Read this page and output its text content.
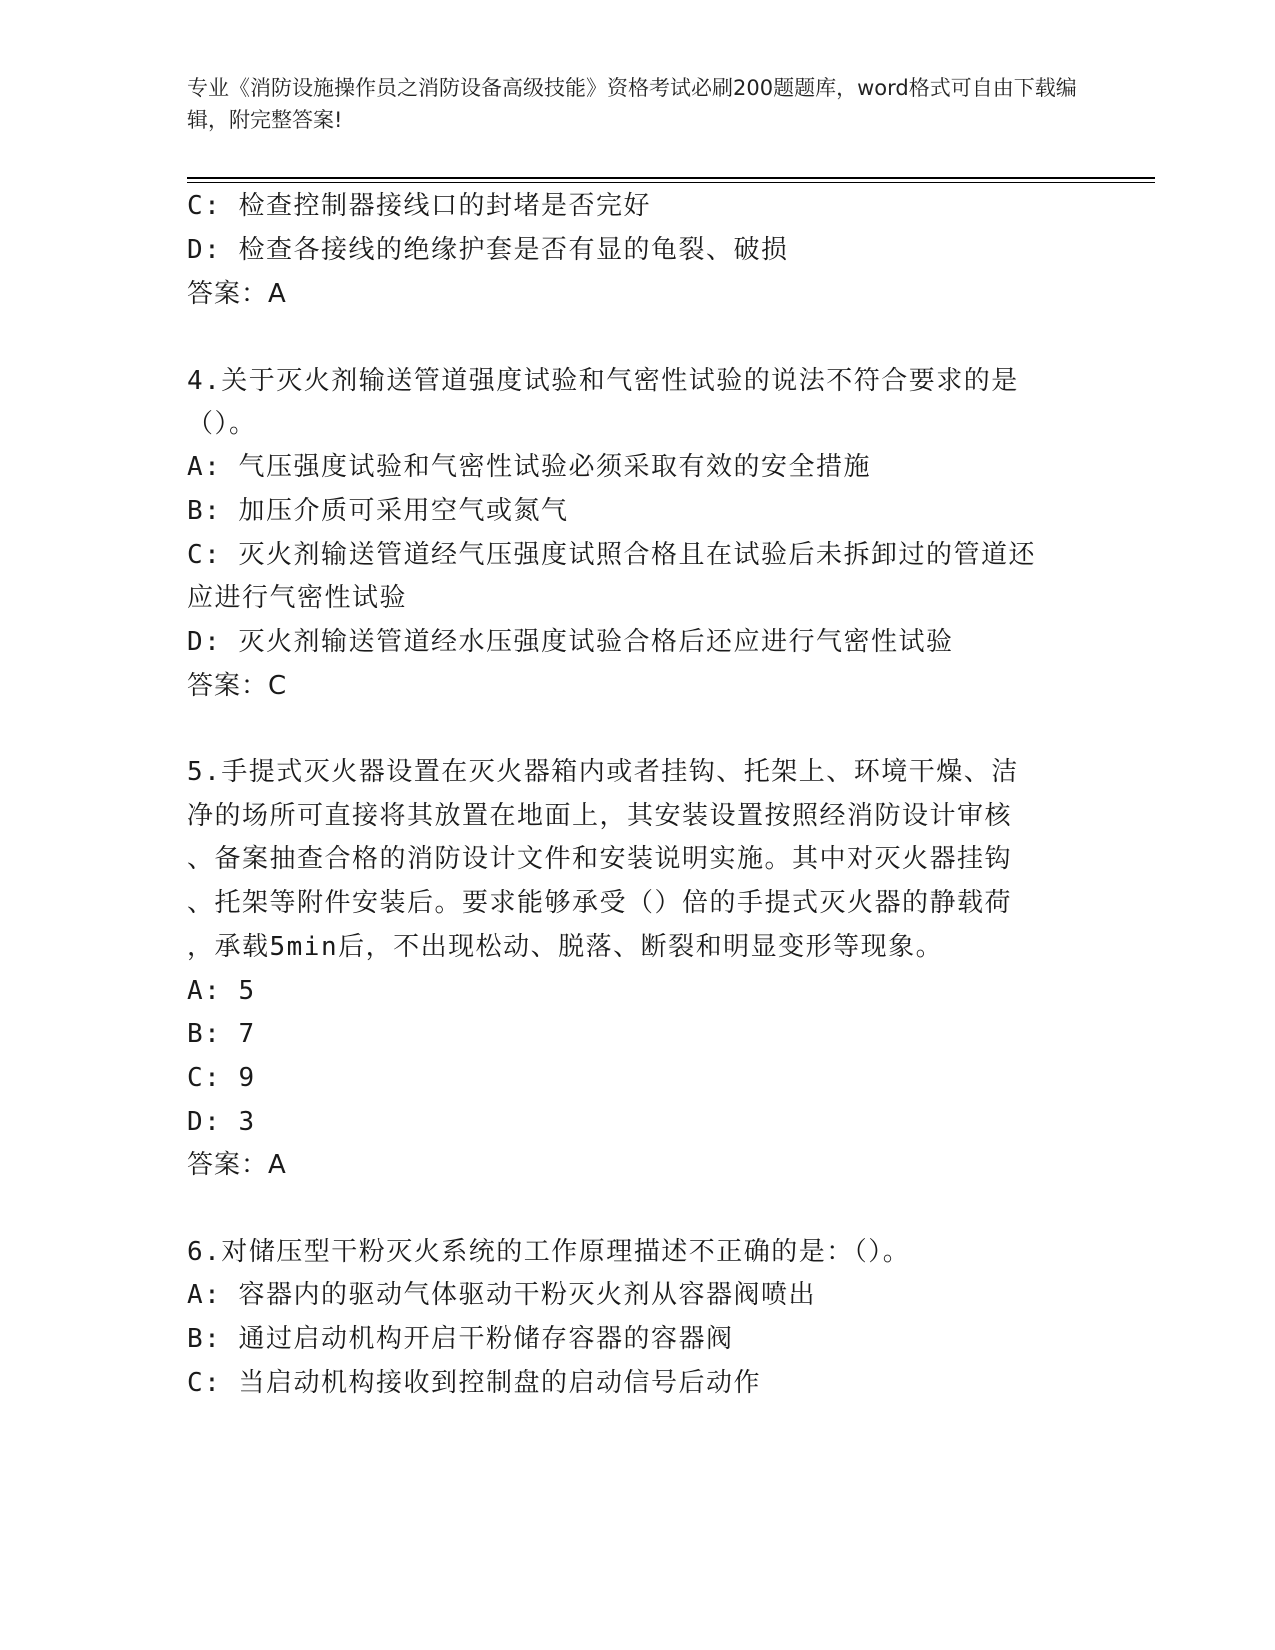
专业《消防设施操作员之消防设备高级技能》资格考试必刷200题题库，word格式可自由下载编辑，附完整答案!
C: 检查控制器接线口的封堵是否完好
D: 检查各接线的绝缘护套是否有显的龟裂、破损
答案：A
4.关于灭火剂输送管道强度试验和气密性试验的说法不符合要求的是
（）。
A: 气压强度试验和气密性试验必须采取有效的安全措施
B: 加压介质可采用空气或氮气
C: 灭火剂输送管道经气压强度试照合格且在试验后未拆卸过的管道还
应进行气密性试验
D: 灭火剂输送管道经水压强度试验合格后还应进行气密性试验
答案：C
5.手提式灭火器设置在灭火器箱内或者挂钩、托架上、环境干燥、洁
净的场所可直接将其放置在地面上，其安装设置按照经消防设计审核
、备案抽查合格的消防设计文件和安装说明实施。其中对灭火器挂钩
、托架等附件安装后。要求能够承受（）倍的手提式灭火器的静载荷
，承载5min后，不出现松动、脱落、断裂和明显变形等现象。
A: 5
B: 7
C: 9
D: 3
答案：A
6.对储压型干粉灭火系统的工作原理描述不正确的是：（）。
A: 容器内的驱动气体驱动干粉灭火剂从容器阀喷出
B: 通过启动机构开启干粉储存容器的容器阀
C: 当启动机构接收到控制盘的启动信号后动作
